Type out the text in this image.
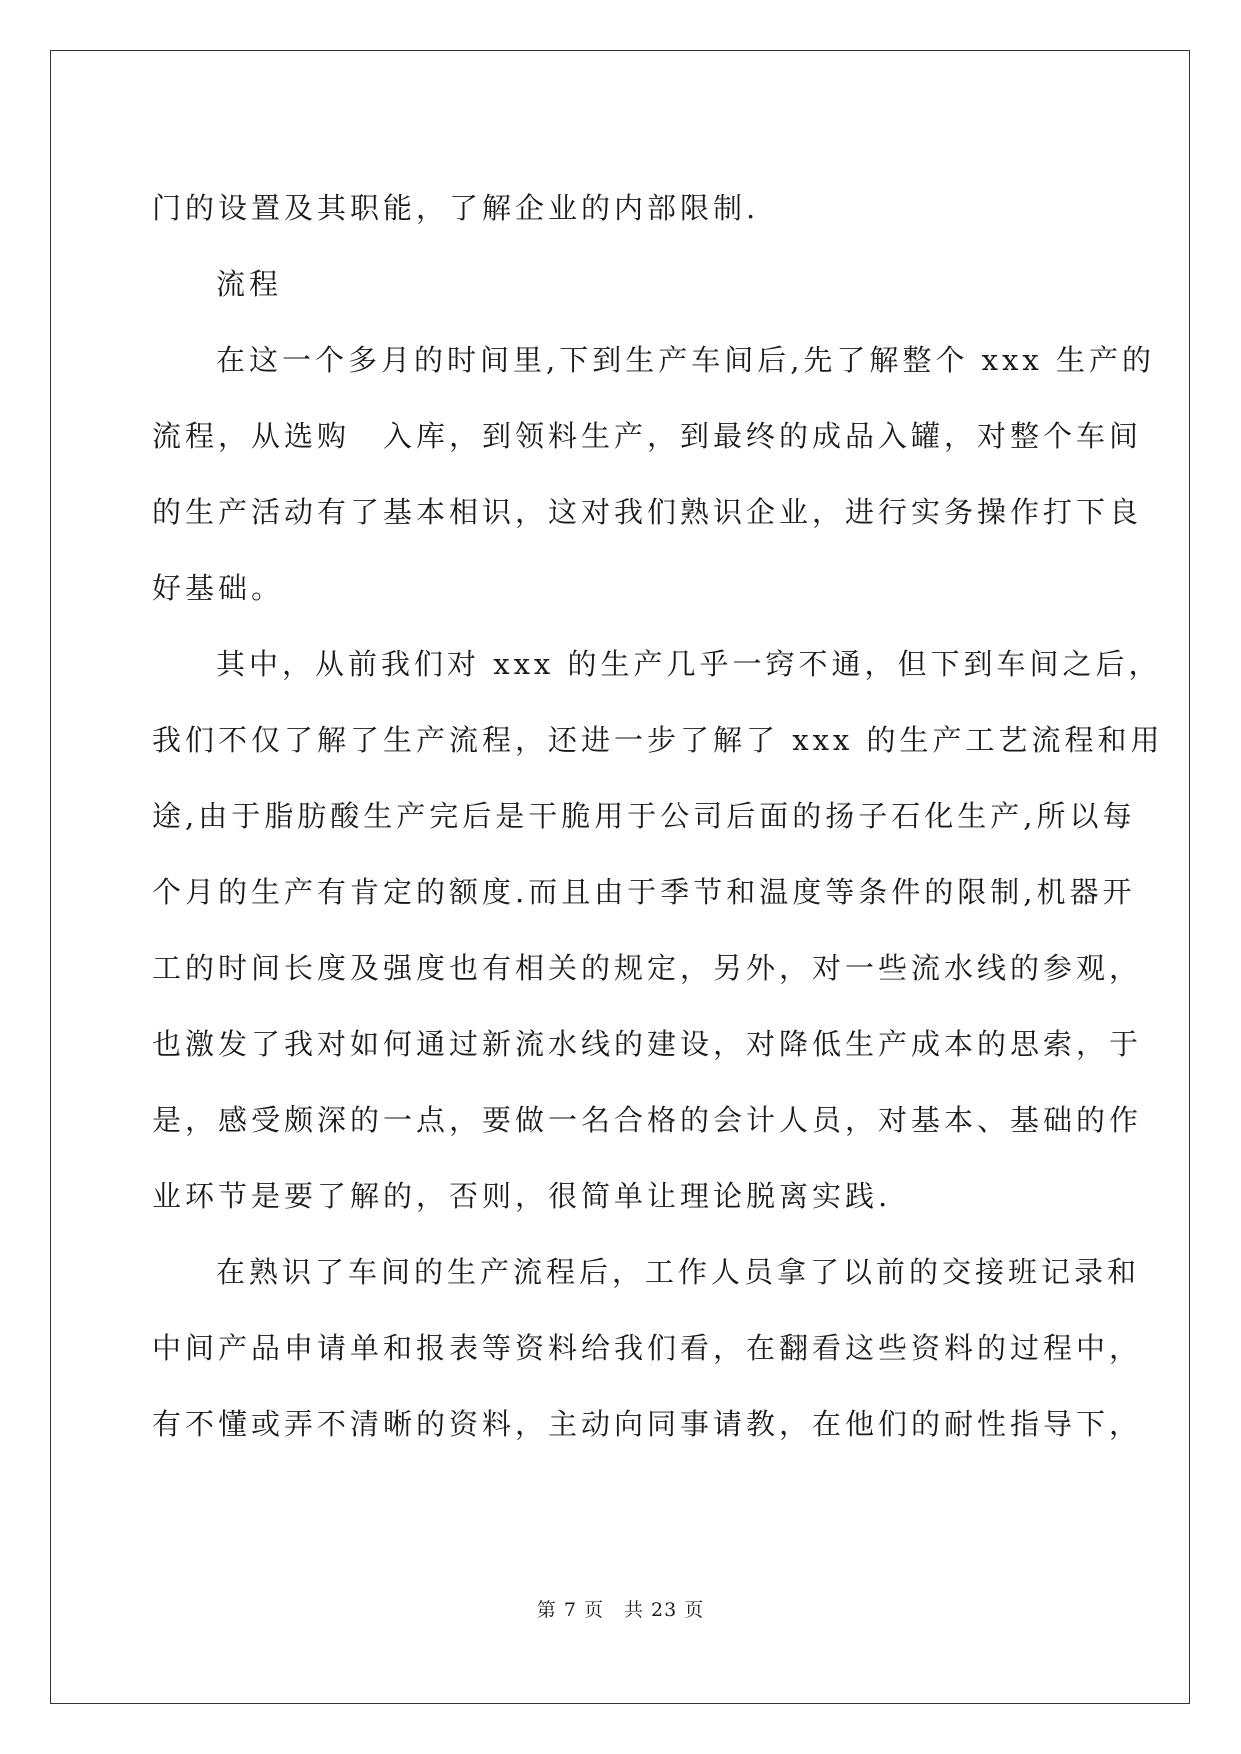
门的设置及其职能，了解企业的内部限制.
流程
在这一个多月的时间里,下到生产车间后,先了解整个 xxx 生产的
流程，从选购　入库，到领料生产，到最终的成品入罐，对整个车间
的生产活动有了基本相识，这对我们熟识企业，进行实务操作打下良
好基础。
其中，从前我们对 xxx 的生产几乎一窍不通，但下到车间之后，
我们不仅了解了生产流程，还进一步了解了 xxx 的生产工艺流程和用
途,由于脂肪酸生产完后是干脆用于公司后面的扬子石化生产,所以每
个月的生产有肯定的额度.而且由于季节和温度等条件的限制,机器开
工的时间长度及强度也有相关的规定，另外，对一些流水线的参观，
也激发了我对如何通过新流水线的建设，对降低生产成本的思索，于
是，感受颇深的一点，要做一名合格的会计人员，对基本、基础的作
业环节是要了解的，否则，很简单让理论脱离实践.
在熟识了车间的生产流程后，工作人员拿了以前的交接班记录和
中间产品申请单和报表等资料给我们看，在翻看这些资料的过程中，
有不懂或弄不清晰的资料，主动向同事请教，在他们的耐性指导下，
第 7 页 共 23 页
